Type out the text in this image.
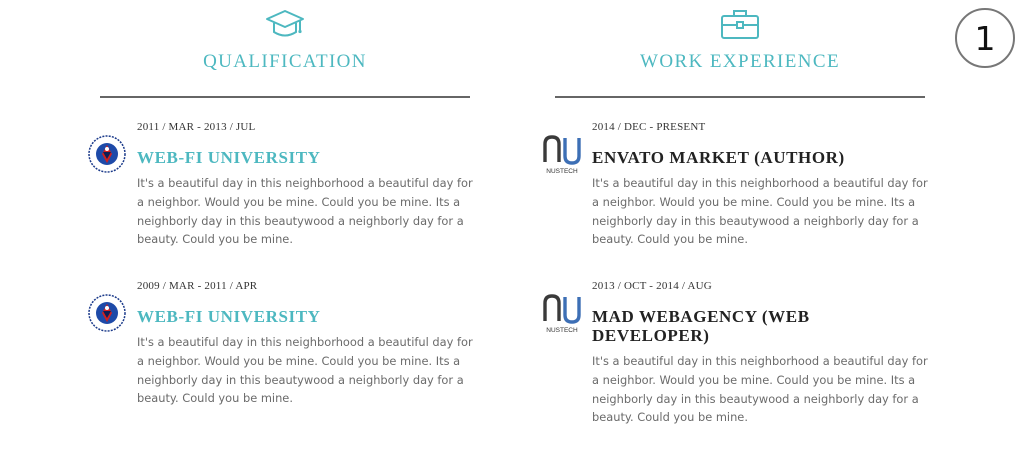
QUALIFICATION
2011 / MAR - 2013 / JUL
WEB-FI UNIVERSITY

It's a beautiful day in this neighborhood a beautiful day for a neighbor. Would you be mine. Could you be mine. Its a neighborly day in this beautywood a neighborly day for a beauty. Could you be mine.

2009 / MAR - 2011 / APR
WEB-FI UNIVERSITY

It's a beautiful day in this neighborhood a beautiful day for a neighbor. Would you be mine. Could you be mine. Its a neighborly day in this beautywood a neighborly day for a beauty. Could you be mine.

WORK EXPERIENCE
NUSTECH
2014 / DEC - PRESENT
ENVATO MARKET (AUTHOR)

It's a beautiful day in this neighborhood a beautiful day for a neighbor. Would you be mine. Could you be mine. Its a neighborly day in this beautywood a neighborly day for a beauty. Could you be mine.

NUSTECH
2013 / OCT - 2014 / AUG
MAD WEBAGENCY (WEB DEVELOPER)

It's a beautiful day in this neighborhood a beautiful day for a neighbor. Would you be mine. Could you be mine. Its a neighborly day in this beautywood a neighborly day for a beauty. Could you be mine.

1
